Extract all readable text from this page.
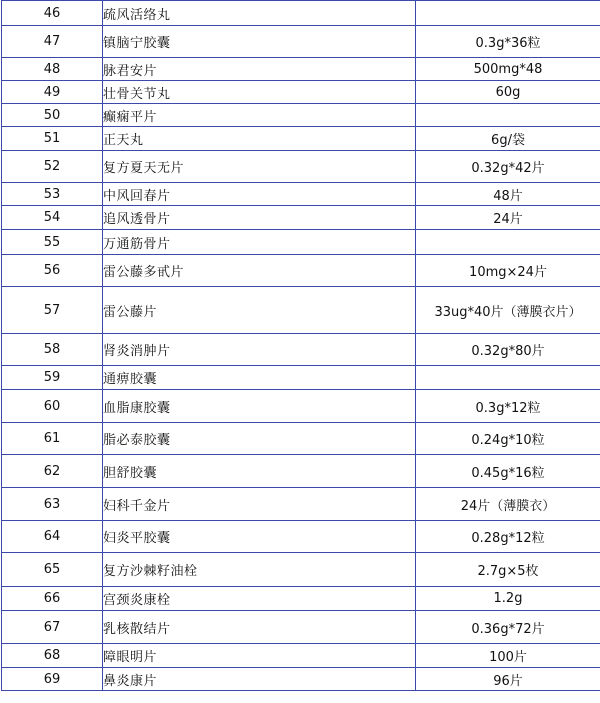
46	疏风活络丸	
47	镇脑宁胶囊	0.3g*36粒
48	脉君安片	500mg*48
49	壮骨关节丸	60g
50	癫痫平片	
51	正天丸	6g/袋
52	复方夏天无片	0.32g*42片
53	中风回春片	48片
54	追风透骨片	24片
55	万通筋骨片	
56	雷公藤多甙片	10mg×24片
57	雷公藤片	33ug*40片（薄膜衣片）
58	肾炎消肿片	0.32g*80片
59	通痹胶囊	
60	血脂康胶囊	0.3g*12粒
61	脂必泰胶囊	0.24g*10粒
62	胆舒胶囊	0.45g*16粒
63	妇科千金片	24片（薄膜衣）
64	妇炎平胶囊	0.28g*12粒
65	复方沙棘籽油栓	2.7g×5枚
66	宫颈炎康栓	1.2g
67	乳核散结片	0.36g*72片
68	障眼明片	100片
69	鼻炎康片	96片
